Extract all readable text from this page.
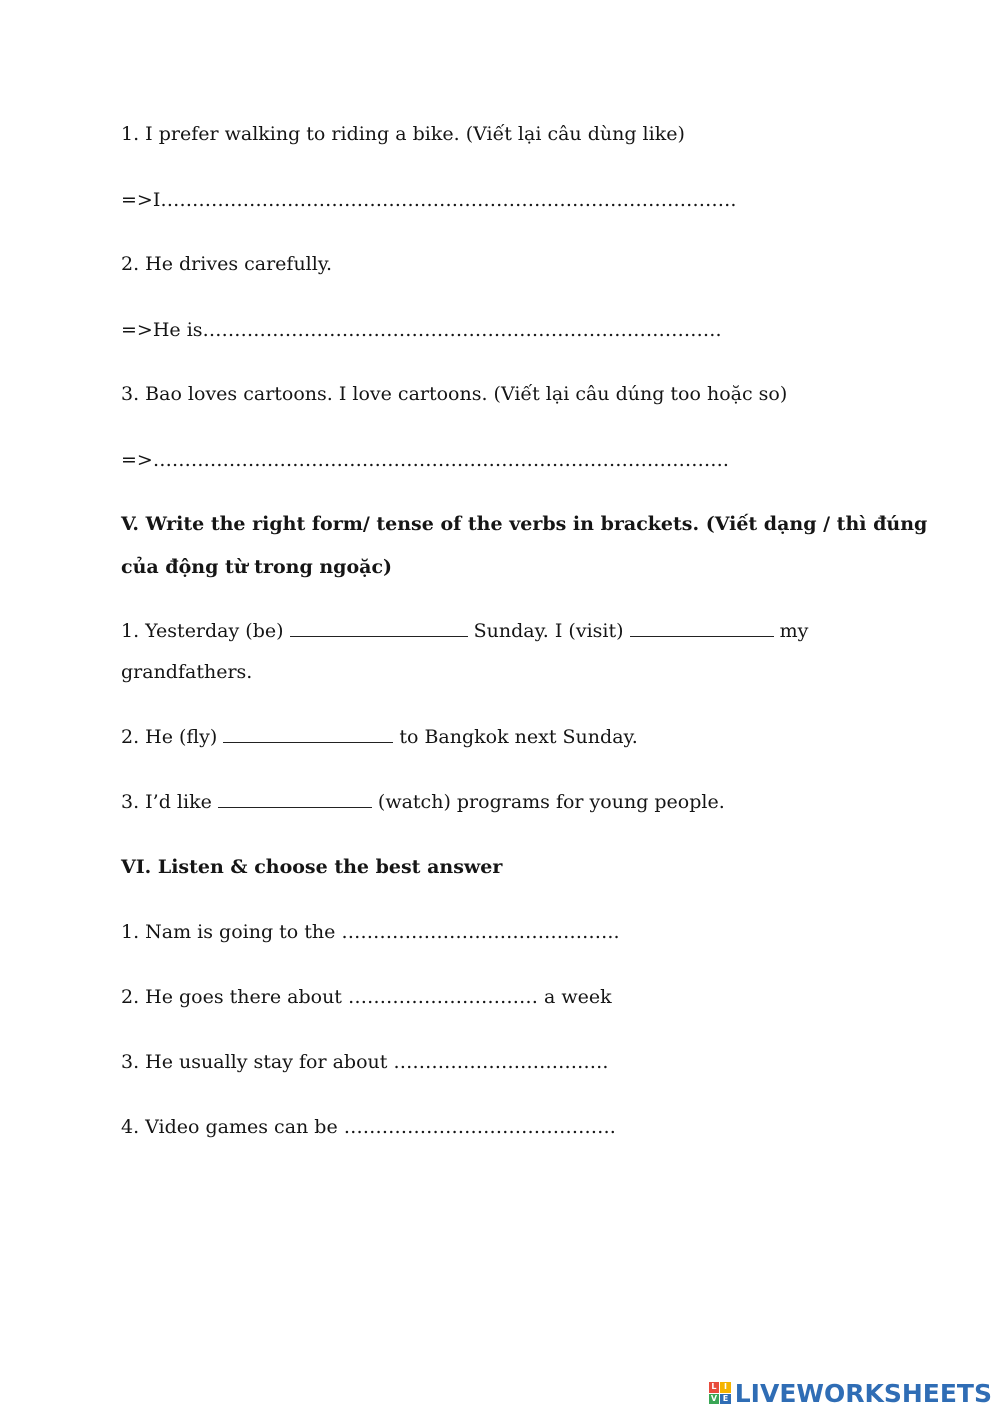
1. I prefer walking to riding a bike. (Viết lại câu dùng like)
=>I……………………………………………………………………………….
2. He drives carefully.
=>He is……………………………………………………………………….
3. Bao loves cartoons. I love cartoons. (Viết lại câu dúng too hoặc so)
=>……………………………………………………………………………….
V. Write the right form/ tense of the verbs in brackets. (Viết dạng / thì đúng
của động từ trong ngoặc)
1. Yesterday (be)	Sunday. I (visit)	my
grandfathers.
2. He (fly)	to Bangkok next Sunday.
3. I’d like	(watch) programs for young people.
VI. Listen & choose the best answer
1. Nam is going to the ……………………………………..
2. He goes there about ………………………… a week
3. He usually stay for about …………………………….
4. Video games can be …………………………………….
L I
V E LIVEWORKSHEETS
